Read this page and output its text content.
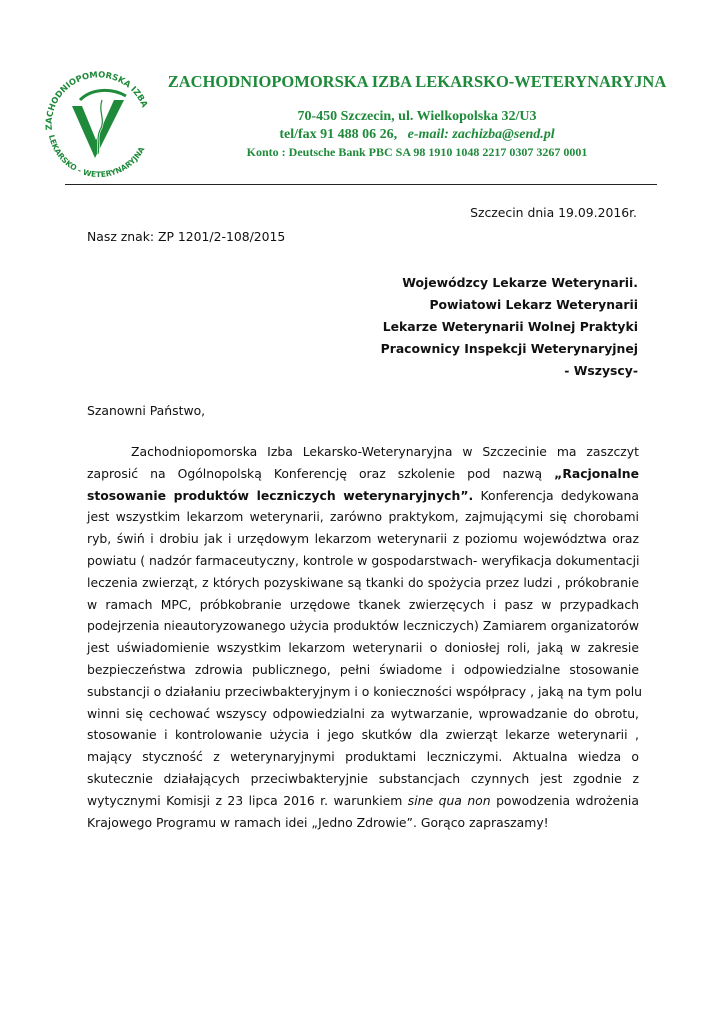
ZACHODNIOPOMORSKA IZBA
LEKARSKO - WETERYNARYJNA
ZACHODNIOPOMORSKA IZBA LEKARSKO-WETERYNARYJNA
70-450 Szczecin, ul. Wielkopolska 32/U3
tel/fax 91 488 06 26, e-mail: zachizba@send.pl
Konto : Deutsche Bank PBC SA 98 1910 1048 2217 0307 3267 0001
Szczecin dnia 19.09.2016r.
Nasz znak: ZP 1201/2-108/2015
Wojewódzcy Lekarze Weterynarii.
Powiatowi Lekarz Weterynarii
Lekarze Weterynarii Wolnej Praktyki
Pracownicy Inspekcji Weterynaryjnej
- Wszyscy-
Szanowni Państwo,
Zachodniopomorska Izba Lekarsko-Weterynaryjna w Szczecinie ma zaszczyt
zaprosić na Ogólnopolską Konferencję oraz szkolenie pod nazwą „Racjonalne
stosowanie produktów leczniczych weterynaryjnych”. Konferencja dedykowana
jest wszystkim lekarzom weterynarii, zarówno praktykom, zajmującymi się chorobami
ryb, świń i drobiu jak i urzędowym lekarzom weterynarii z poziomu województwa oraz
powiatu ( nadzór farmaceutyczny, kontrole w gospodarstwach- weryfikacja dokumentacji
leczenia zwierząt, z których pozyskiwane są tkanki do spożycia przez ludzi , prókobranie
w ramach MPC, próbkobranie urzędowe tkanek zwierzęcych i pasz w przypadkach
podejrzenia nieautoryzowanego użycia produktów leczniczych) Zamiarem organizatorów
jest uświadomienie wszystkim lekarzom weterynarii o doniosłej roli, jaką w zakresie
bezpieczeństwa zdrowia publicznego, pełni świadome i odpowiedzialne stosowanie
substancji o działaniu przeciwbakteryjnym i o konieczności współpracy , jaką na tym polu
winni się cechować wszyscy odpowiedzialni za wytwarzanie, wprowadzanie do obrotu,
stosowanie i kontrolowanie użycia i jego skutków dla zwierząt lekarze weterynarii ,
mający styczność z weterynaryjnymi produktami leczniczymi. Aktualna wiedza o
skutecznie działających przeciwbakteryjnie substancjach czynnych jest zgodnie z
wytycznymi Komisji z 23 lipca 2016 r. warunkiem sine qua non powodzenia wdrożenia
Krajowego Programu w ramach idei „Jedno Zdrowie”. Gorąco zapraszamy!
